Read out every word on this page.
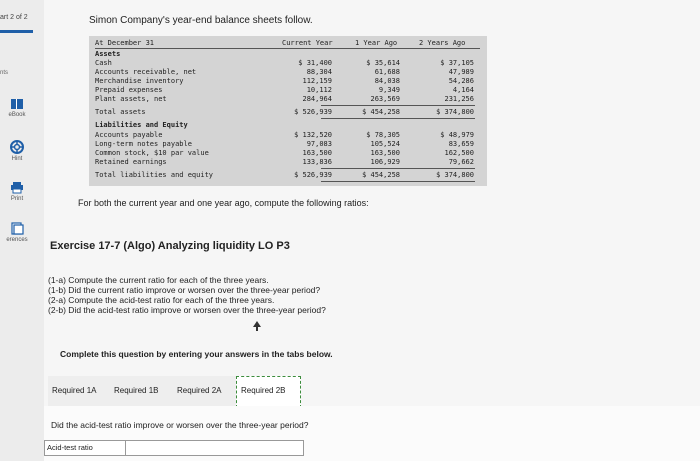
art 2 of 2
nts
eBook
Hint
Print
erences
Simon Company's year-end balance sheets follow.
At December 31	Current Year	1 Year Ago	2 Years Ago
Assets
Cash	$ 31,400	$ 35,614	$ 37,105
Accounts receivable, net	88,304	61,688	47,989
Merchandise inventory	112,159	84,038	54,286
Prepaid expenses	10,112	9,349	4,164
Plant assets, net	284,964	263,569	231,256
Total assets	$ 526,939	$ 454,258	$ 374,800
Liabilities and Equity
Accounts payable	$ 132,520	$ 78,305	$ 48,979
Long-term notes payable	97,083	105,524	83,659
Common stock, $10 par value	163,500	163,500	162,500
Retained earnings	133,836	106,929	79,662
Total liabilities and equity	$ 526,939	$ 454,258	$ 374,800
For both the current year and one year ago, compute the following ratios:
Exercise 17-7 (Algo) Analyzing liquidity LO P3
(1-a) Compute the current ratio for each of the three years.
(1-b) Did the current ratio improve or worsen over the three-year period?
(2-a) Compute the acid-test ratio for each of the three years.
(2-b) Did the acid-test ratio improve or worsen over the three-year period?
Complete this question by entering your answers in the tabs below.
Required 1A	Required 1B	Required 2A	Required 2B
Did the acid-test ratio improve or worsen over the three-year period?
Acid-test ratio
